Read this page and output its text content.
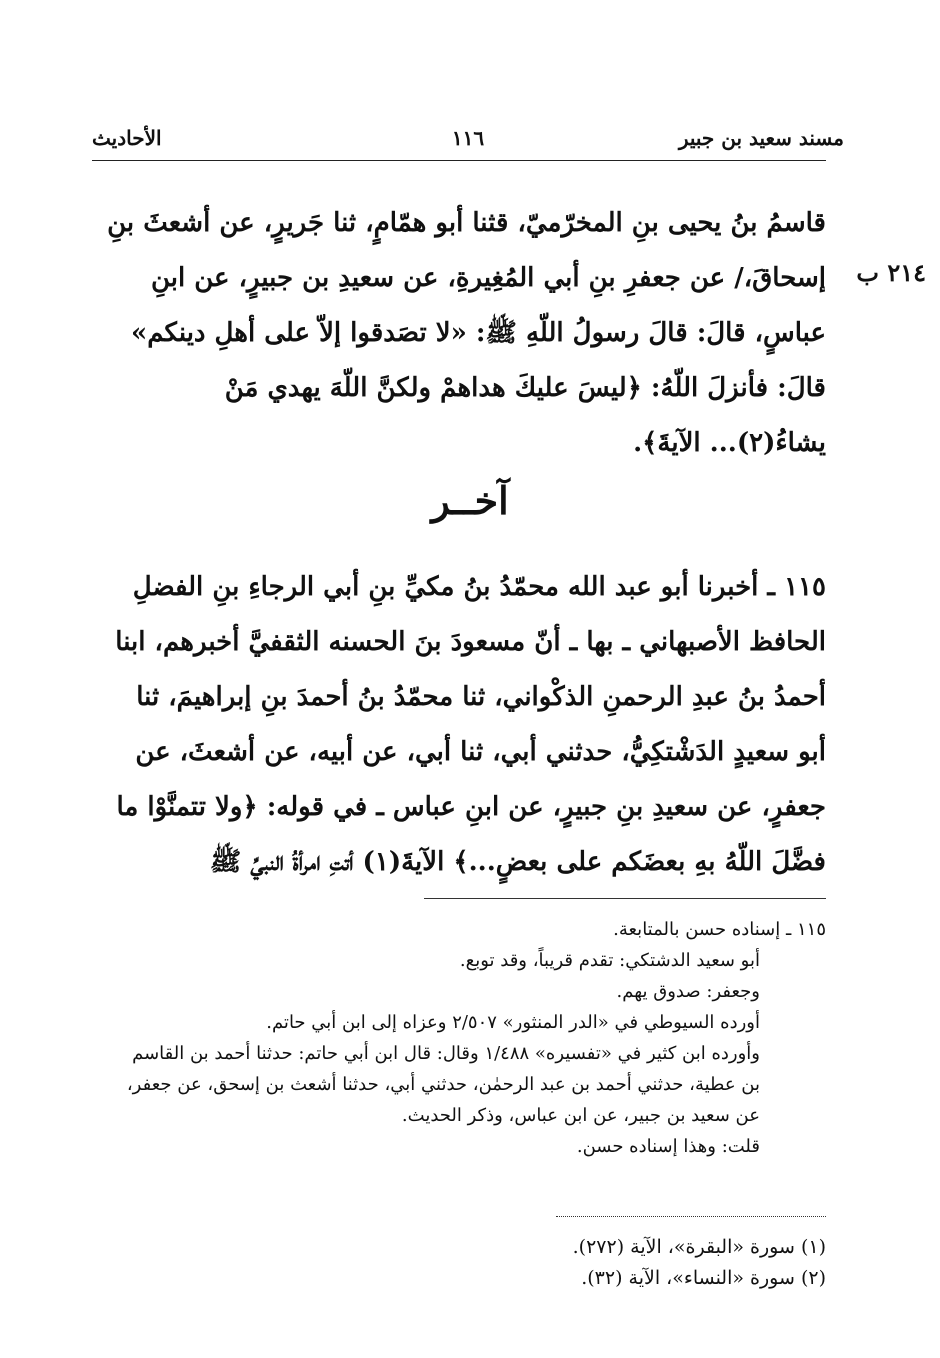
مسند سعيد بن جبير
١١٦
الأحاديث
٢١٤ ب
قاسمُ بنُ يحيى بنِ المخرّميّ، قثنا أبو همّامٍ، ثنا جَريرٍ، عن أشعثَ بنِ
إسحاقَ،/ عن جعفرِ بنِ أبي المُغِيرةِ، عن سعيدِ بن جبيرٍ، عن ابنِ
عباسٍ، قالَ: قالَ رسولُ اللّهِ ﷺ: «لا تصَدقوا إلاّ على أهلِ دينكم»
قالَ: فأنزلَ اللّهُ: ﴿ليسَ عليكَ هداهمْ ولكنَّ اللّهَ يهدي مَنْ
يشاءُ(٢)... الآيةَ﴾.
آخــر
١١٥ ـ أخبرنا أبو عبد الله محمّدُ بنُ مكيِّ بنِ أبي الرجاءِ بنِ الفضلِ
الحافظ الأصبهاني ـ بها ـ أنّ مسعودَ بنَ الحسنه الثقفيَّ أخبرهم، ابنا
أحمدُ بنُ عبدِ الرحمنِ الذكْواني، ثنا محمّدُ بنُ أحمدَ بنِ إبراهيمَ، ثنا
أبو سعيدٍ الدَشْتكِيُّ، حدثني أبي، ثنا أبي، عن أبيه، عن أشعثَ، عن
جعفرٍ، عن سعيدِ بنِ جبيرٍ، عن ابنِ عباس ـ في قوله: ﴿ولا تتمنَّوْا ما
فضَّلَ اللّهُ بهِ بعضَكم على بعضٍ...﴾ الآيةَ(١) أتتِ امرأةُ النبيِّ ﷺ

١١٥ ـ إسناده حسن بالمتابعة.

أبو سعيد الدشتكي: تقدم قريباً، وقد توبع.

وجعفر: صدوق يهم.

أورده السيوطي في «الدر المنثور» ٢/٥٠٧ وعزاه إلى ابن أبي حاتم.

وأورده ابن كثير في «تفسيره» ١/٤٨٨ وقال: قال ابن أبي حاتم: حدثنا أحمد بن القاسم بن عطية، حدثني أحمد بن عبد الرحمٰن، حدثني أبي، حدثنا أشعث بن إسحق، عن جعفر، عن سعيد بن جبير، عن ابن عباس، وذكر الحديث.

قلت: وهذا إسناده حسن.

(١) سورة «البقرة»، الآية (٢٧٢).

(٢) سورة «النساء»، الآية (٣٢).
